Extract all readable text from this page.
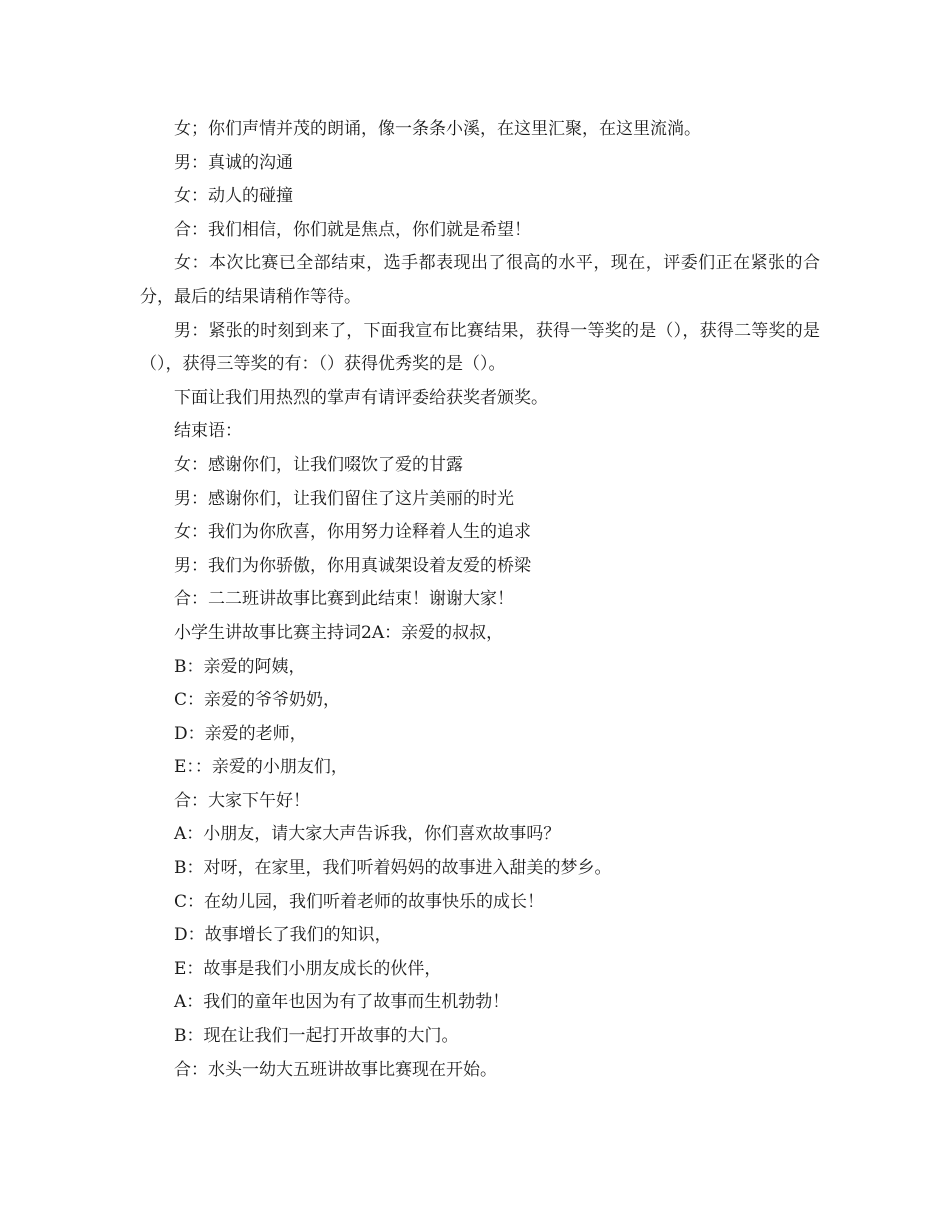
女；你们声情并茂的朗诵，像一条条小溪，在这里汇聚，在这里流淌。

男：真诚的沟通

女：动人的碰撞

合：我们相信，你们就是焦点，你们就是希望！

女：本次比赛已全部结束，选手都表现出了很高的水平，现在，评委们正在紧张的合分，最后的结果请稍作等待。

男：紧张的时刻到来了，下面我宣布比赛结果，获得一等奖的是（），获得二等奖的是（），获得三等奖的有：（）获得优秀奖的是（）。

下面让我们用热烈的掌声有请评委给获奖者颁奖。

结束语：

女：感谢你们，让我们啜饮了爱的甘露

男：感谢你们，让我们留住了这片美丽的时光

女：我们为你欣喜，你用努力诠释着人生的追求

男：我们为你骄傲，你用真诚架设着友爱的桥梁

合：二二班讲故事比赛到此结束！谢谢大家！

小学生讲故事比赛主持词2A：亲爱的叔叔，

B：亲爱的阿姨，

C：亲爱的爷爷奶奶，

D：亲爱的老师，

E：：亲爱的小朋友们，

合：大家下午好！

A：小朋友，请大家大声告诉我，你们喜欢故事吗？

B：对呀，在家里，我们听着妈妈的故事进入甜美的梦乡。

C：在幼儿园，我们听着老师的故事快乐的成长！

D：故事增长了我们的知识，

E：故事是我们小朋友成长的伙伴，

A：我们的童年也因为有了故事而生机勃勃！

B：现在让我们一起打开故事的大门。

合：水头一幼大五班讲故事比赛现在开始。
